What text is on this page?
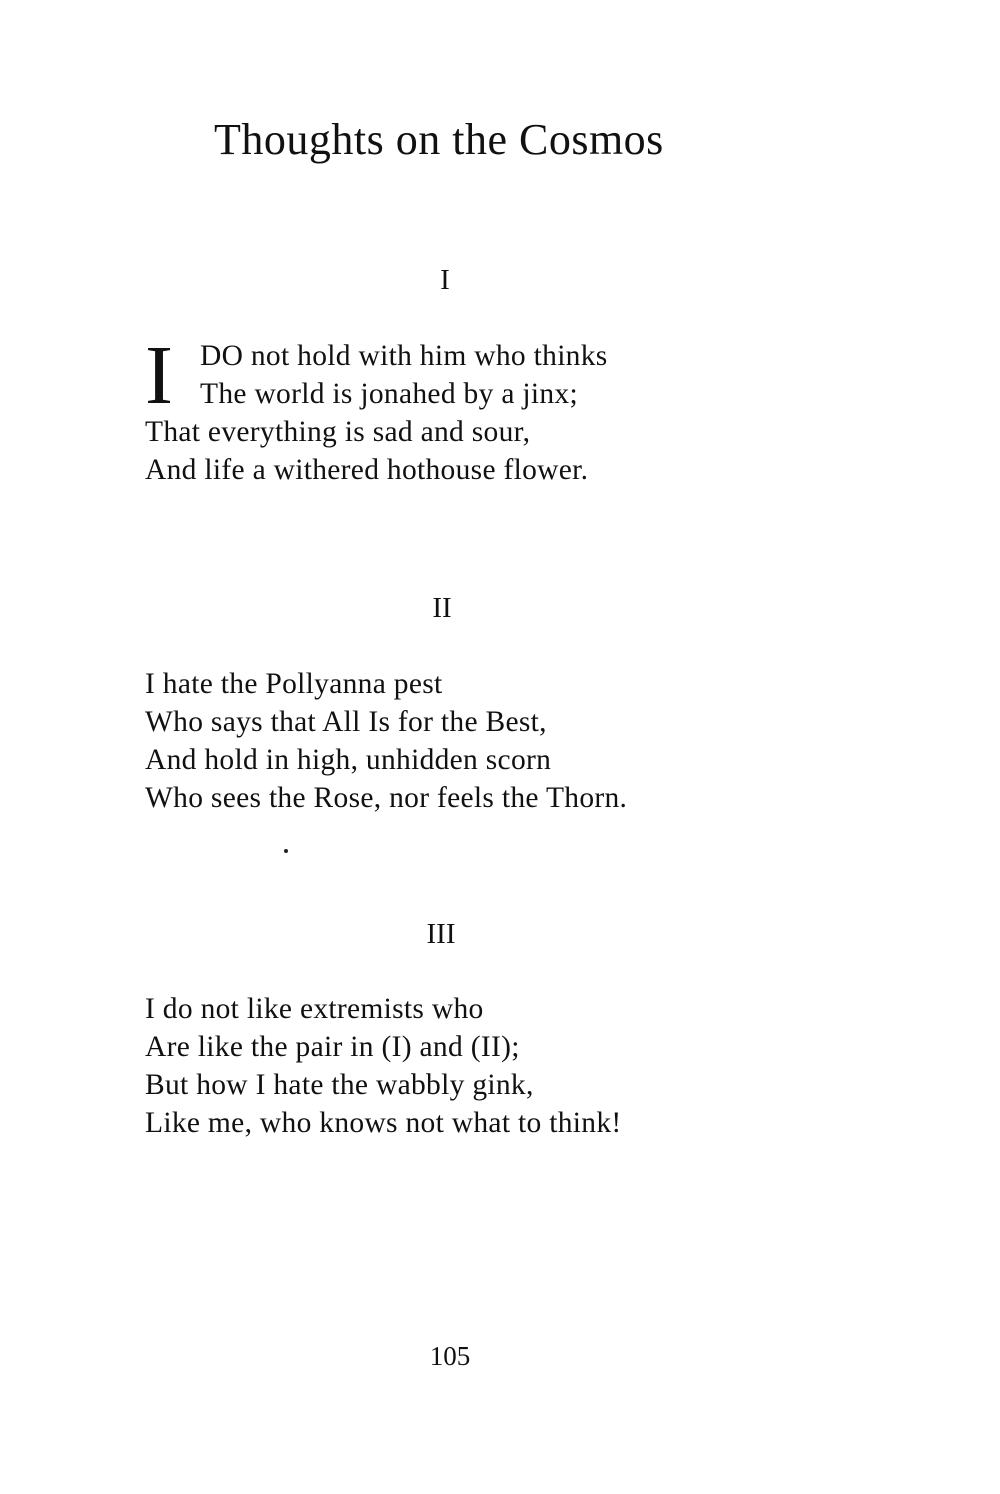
Thoughts on the Cosmos
I
I DO not hold with him who thinks
The world is jonahed by a jinx;
That everything is sad and sour,
And life a withered hothouse flower.
II
I hate the Pollyanna pest
Who says that All Is for the Best,
And hold in high, unhidden scorn
Who sees the Rose, nor feels the Thorn.
III
I do not like extremists who
Are like the pair in (I) and (II);
But how I hate the wabbly gink,
Like me, who knows not what to think!
105
